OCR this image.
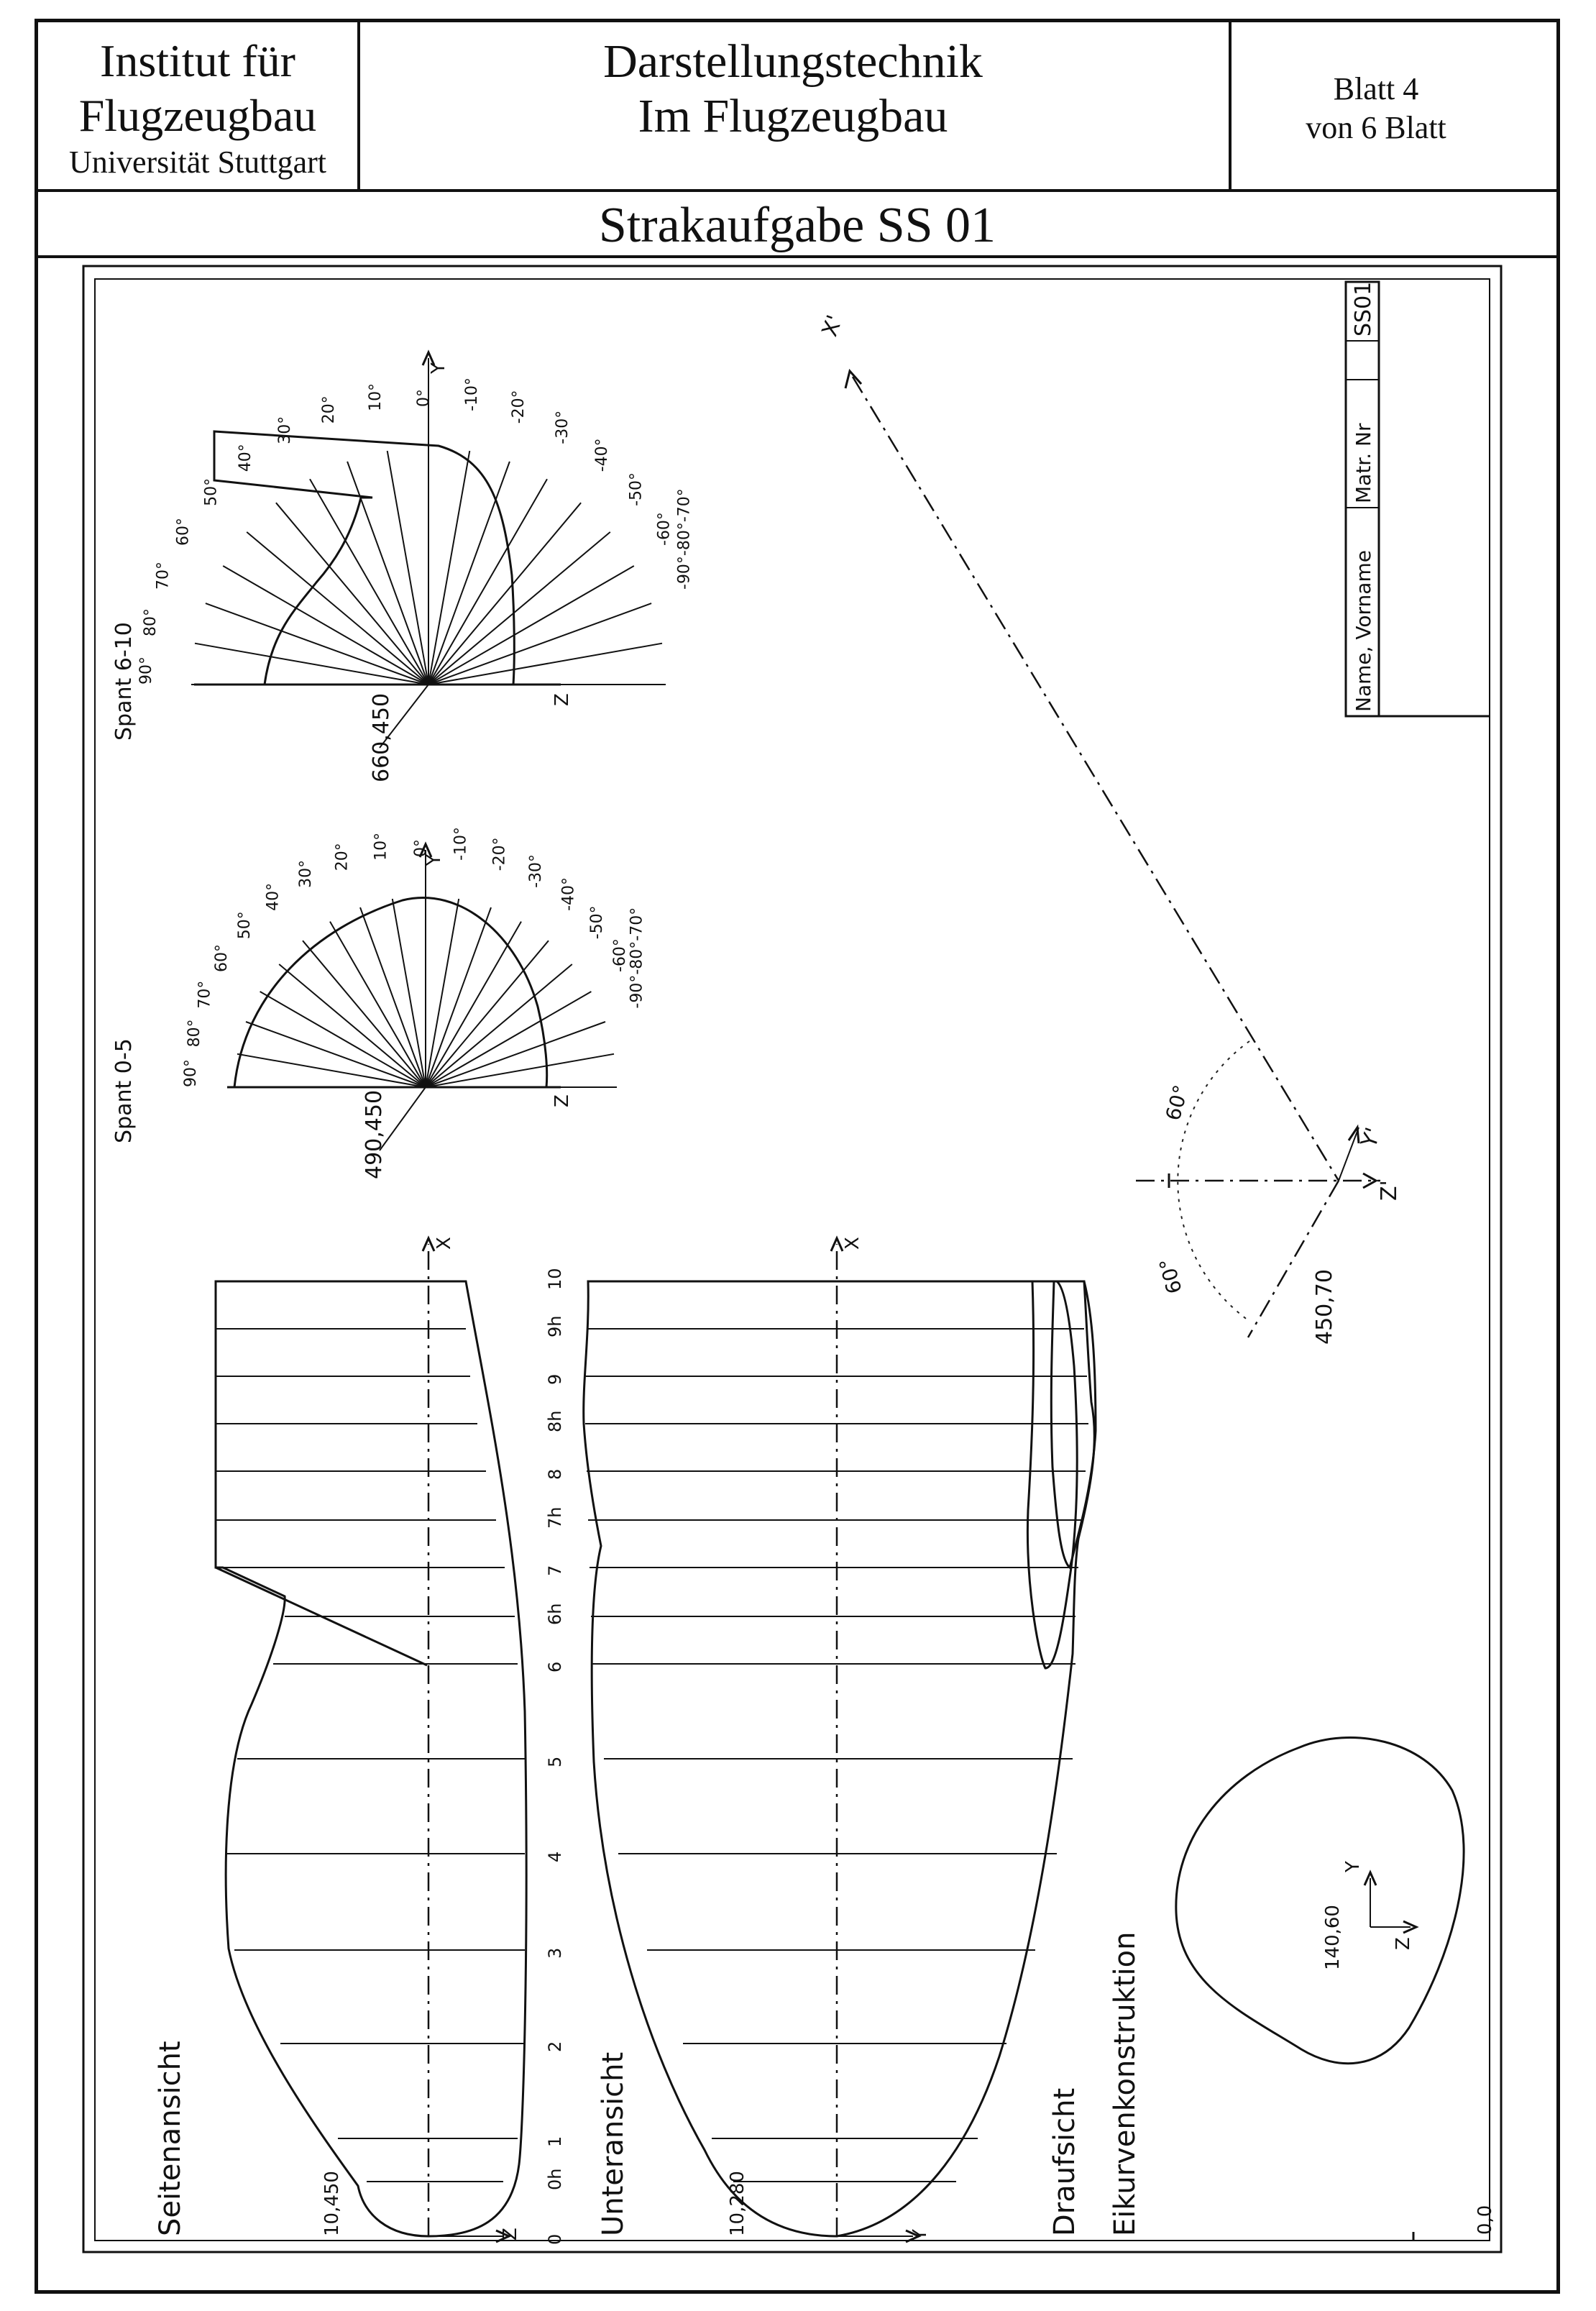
Institut für
Flugzeugbau
Universität Stuttgart
Darstellungstechnik
Im Flugzeugbau
Blatt 4
von 6 Blatt
Strakaufgabe SS 01
Name, Vorname
Matr. Nr
SS01
Spant 6-10	660,450
Y
Z
90°
80°
70°
60°
50°
40°
30°
20° 10° 0° -10° -20°
-30°
-40°
-50°
-60° -90°-80°-70°
Spant 0-5	490,450
Y
Z
90°
80°
70°
60°
50°
40°
30°
20° 10° 0° -10° -20°
-30°
-40°
-50°
-60°
-90°-80°-70°
X'
Y'
Z'
60°
60°	450,70
Seitenansicht	10,450
X
Z	Unteransicht	10,280
X
Y	Draufsicht Eikurvenkonstruktion
0
0h
1
2
3
4
5
6
6h
7
7h
8
8h
9
9h
10
Y
Z
140,60
0,0
